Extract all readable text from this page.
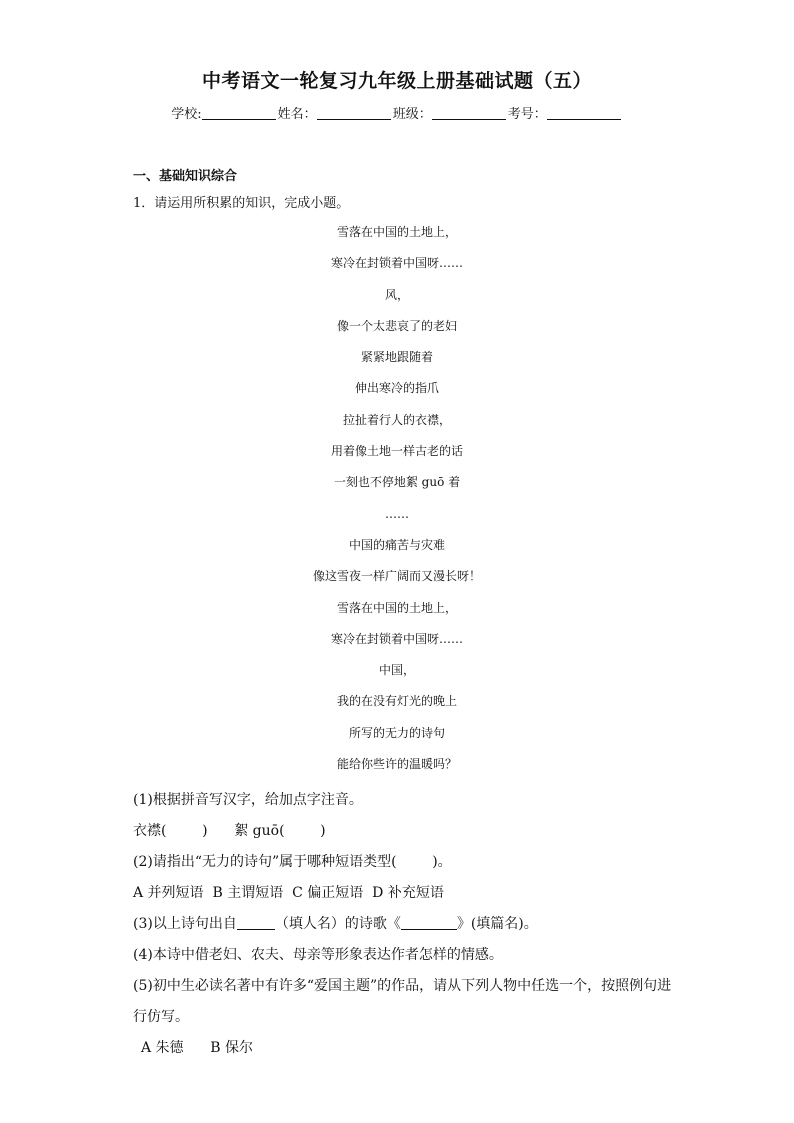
中考语文一轮复习九年级上册基础试题（五）
学校:	姓名：	班级：	考号：
一、基础知识综合
1．请运用所积累的知识，完成小题。
雪落在中国的土地上，
寒冷在封锁着中国呀……
风，
像一个太悲哀了的老妇
紧紧地跟随着
伸出寒冷的指爪
拉扯着行人的衣襟，
用着像土地一样古老的话
一刻也不停地絮 guō 着
……
中国的痛苦与灾难
像这雪夜一样广阔而又漫长呀！
雪落在中国的土地上，
寒冷在封锁着中国呀……
中国，
我的在没有灯光的晚上
所写的无力的诗句
能给你些许的温暖吗？
(1)根据拼音写汉字，给加点字注音。
衣襟(        )      絮 guō(        )
(2)请指出“无力的诗句”属于哪种短语类型(        )。
A 并列短语  B 主谓短语  C 偏正短语  D 补充短语
(3)以上诗句出自	（填人名）的诗歌《	》(填篇名)。
(4)本诗中借老妇、农夫、母亲等形象表达作者怎样的情感。
(5)初中生必读名著中有许多“爱国主题”的作品，请从下列人物中任选一个，按照例句进
行仿写。
A 朱德      B 保尔
